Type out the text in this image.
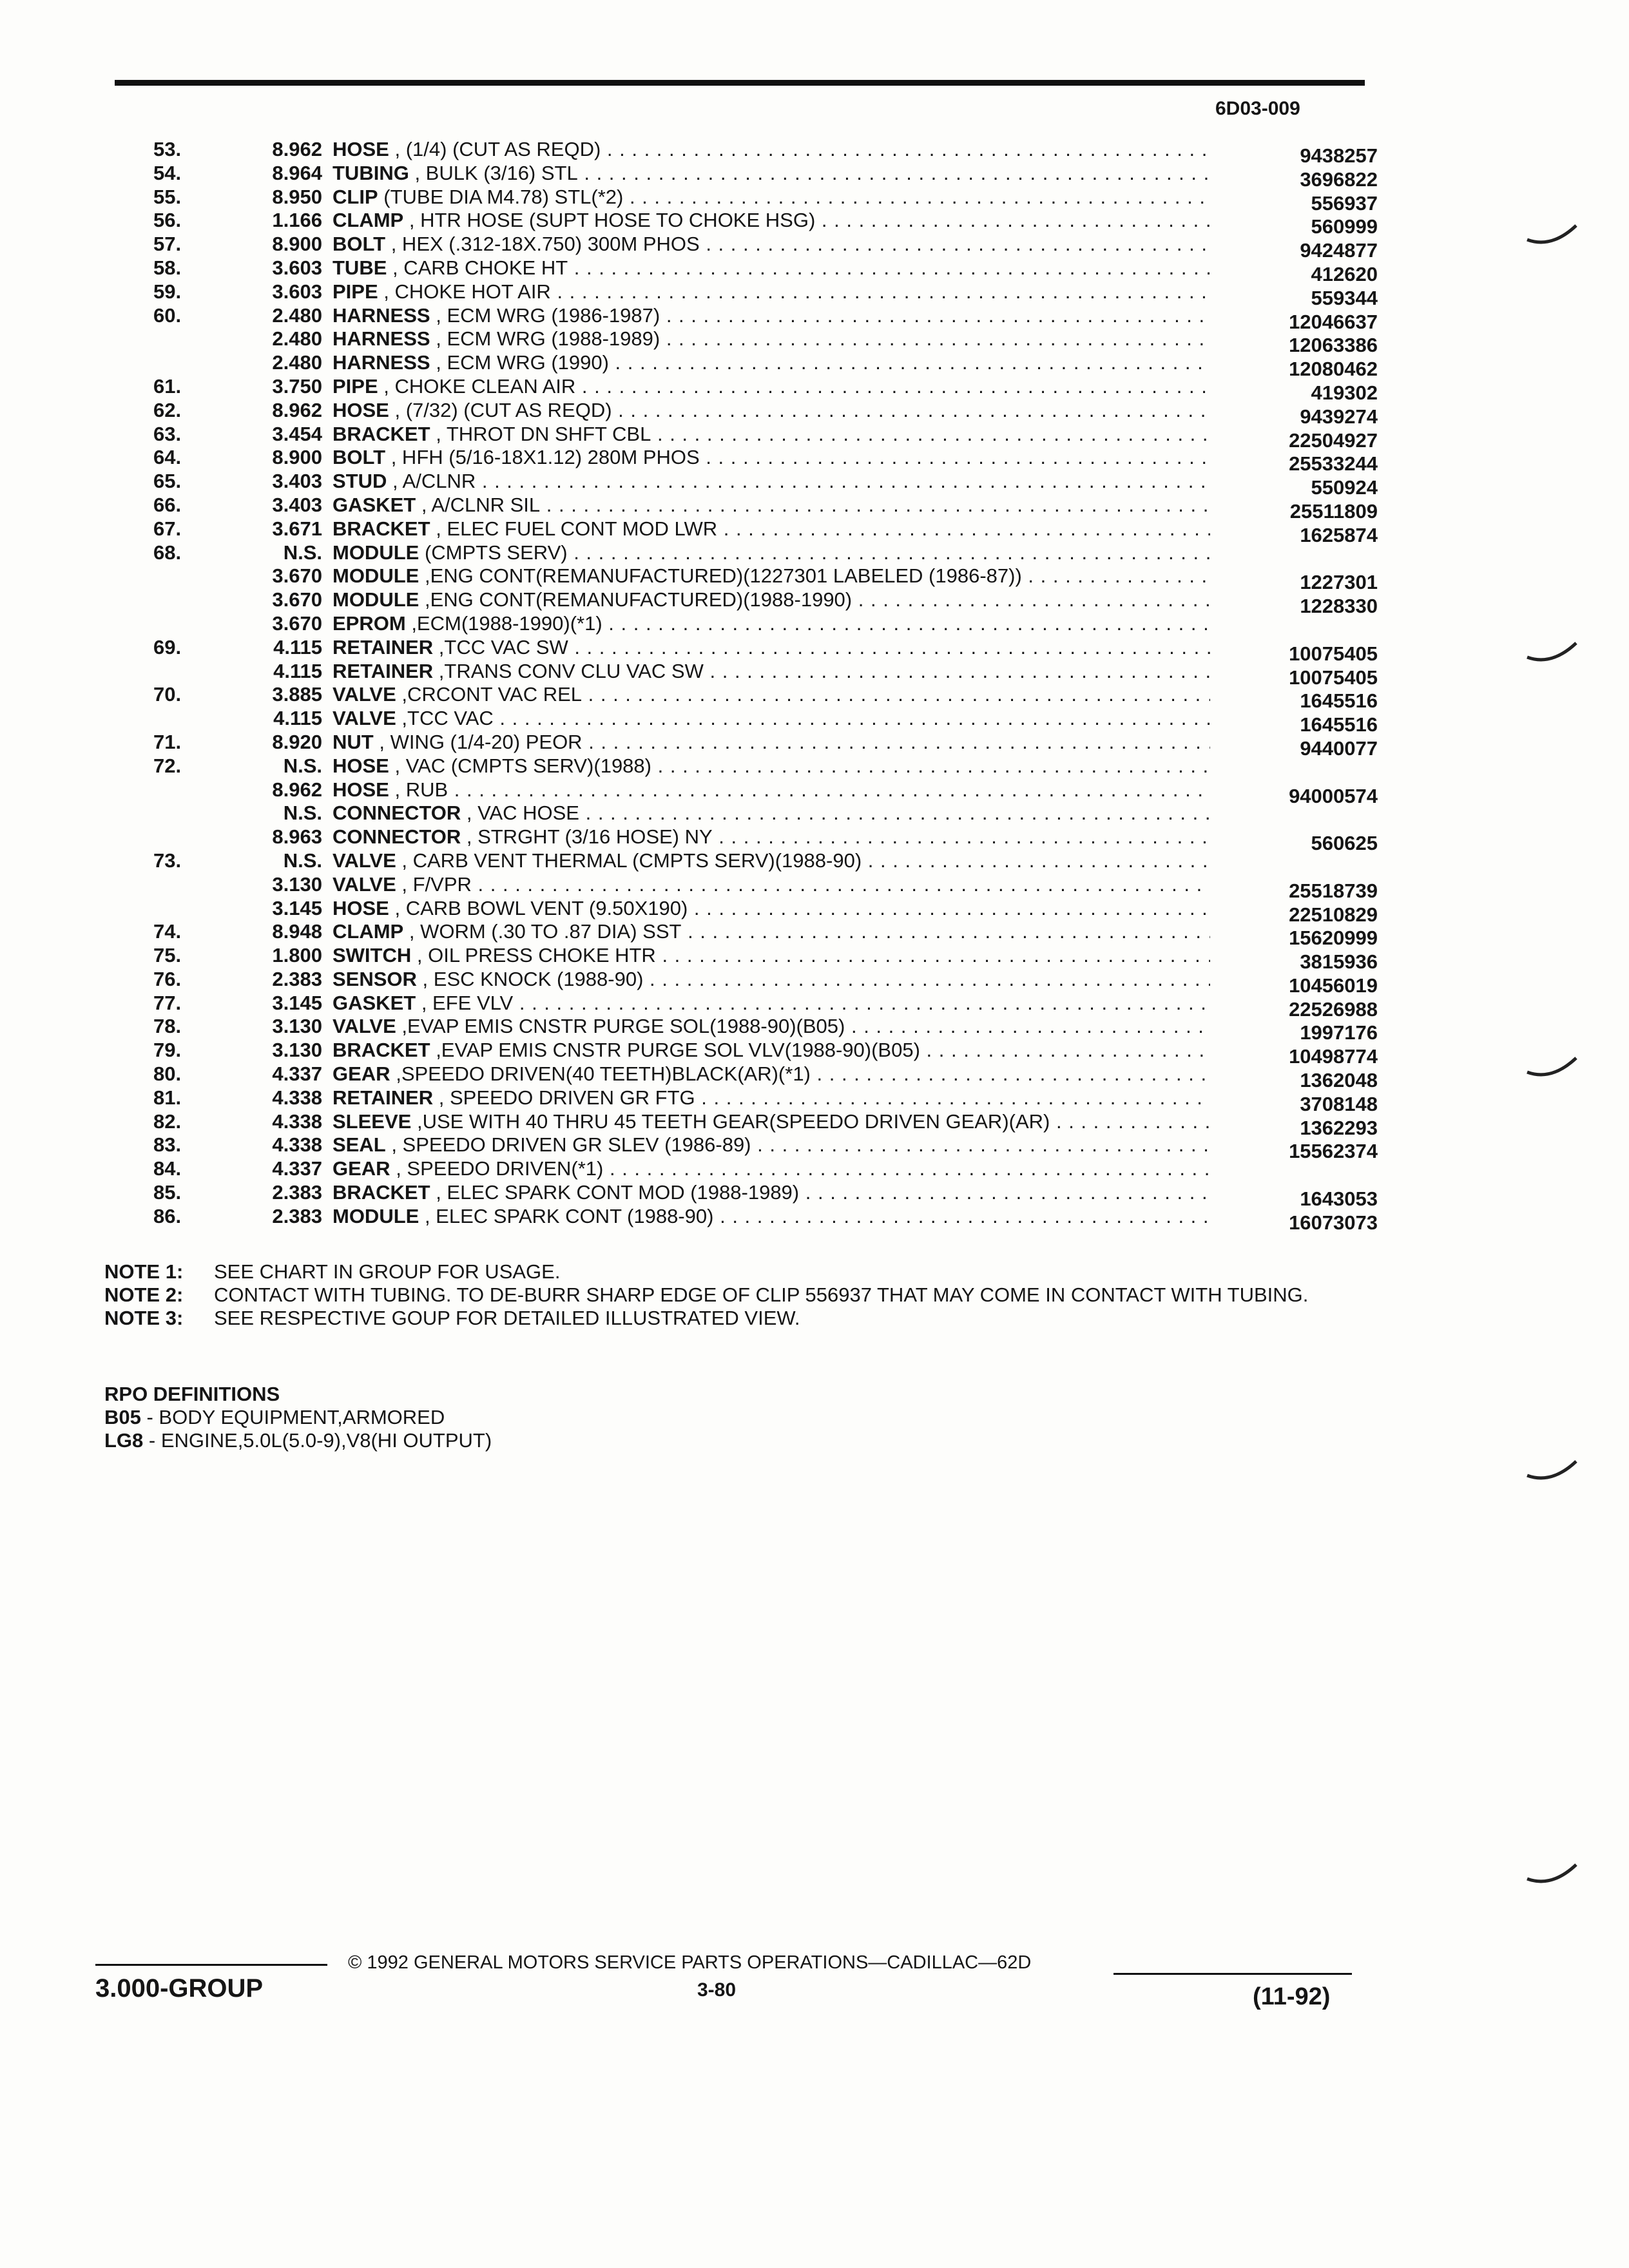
6D03-009
53.	8.962 HOSE , (1/4) (CUT AS REQD) . . .	9438257
54.	8.964 TUBING , BULK (3/16) STL . . .	3696822
55.	8.950 CLIP (TUBE DIA M4.78) STL(*2) . . .	556937
56.	1.166 CLAMP , HTR HOSE (SUPT HOSE TO CHOKE HSG) . . .	560999
57.	8.900 BOLT , HEX (.312-18X.750) 300M PHOS . . .	9424877
58.	3.603 TUBE , CARB CHOKE HT . . .	412620
59.	3.603 PIPE , CHOKE HOT AIR . . .	559344
60.	2.480 HARNESS , ECM WRG (1986-1987) . . .	12046637
2.480 HARNESS , ECM WRG (1988-1989) . . .	12063386
2.480 HARNESS , ECM WRG (1990) . . .	12080462
61.	3.750 PIPE , CHOKE CLEAN AIR . . .	419302
62.	8.962 HOSE , (7/32) (CUT AS REQD) . . .	9439274
63.	3.454 BRACKET , THROT DN SHFT CBL . . .	22504927
64.	8.900 BOLT , HFH (5/16-18X1.12) 280M PHOS . . .	25533244
65.	3.403 STUD , A/CLNR . . .	550924
66.	3.403 GASKET , A/CLNR SIL . . .	25511809
67.	3.671 BRACKET , ELEC FUEL CONT MOD LWR . . .	1625874
68.	N.S. MODULE (CMPTS SERV) . . .
3.670 MODULE ,ENG CONT(REMANUFACTURED)(1227301 LABELED (1986-87)) . . .	1227301
3.670 MODULE ,ENG CONT(REMANUFACTURED)(1988-1990) . . .	1228330
3.670 EPROM ,ECM(1988-1990)(*1) . . .
69.	4.115 RETAINER ,TCC VAC SW . . .	10075405
4.115 RETAINER ,TRANS CONV CLU VAC SW . . .	10075405
70.	3.885 VALVE ,CRCONT VAC REL . . .	1645516
4.115 VALVE ,TCC VAC . . .	1645516
71.	8.920 NUT , WING (1/4-20) PEOR . . .	9440077
72.	N.S. HOSE , VAC (CMPTS SERV)(1988) . . .
8.962 HOSE , RUB . . .	94000574
N.S. CONNECTOR , VAC HOSE . . .
8.963 CONNECTOR , STRGHT (3/16 HOSE) NY . . .	560625
73.	N.S. VALVE , CARB VENT THERMAL (CMPTS SERV)(1988-90) . . .
3.130 VALVE , F/VPR . . .	25518739
3.145 HOSE , CARB BOWL VENT (9.50X190) . . .	22510829
74.	8.948 CLAMP , WORM (.30 TO .87 DIA) SST . . .	15620999
75.	1.800 SWITCH , OIL PRESS CHOKE HTR . . .	3815936
76.	2.383 SENSOR , ESC KNOCK (1988-90) . . .	10456019
77.	3.145 GASKET , EFE VLV . . .	22526988
78.	3.130 VALVE ,EVAP EMIS CNSTR PURGE SOL(1988-90)(B05) . . .	1997176
79.	3.130 BRACKET ,EVAP EMIS CNSTR PURGE SOL VLV(1988-90)(B05) . . .	10498774
80.	4.337 GEAR ,SPEEDO DRIVEN(40 TEETH)BLACK(AR)(*1) . . .	1362048
81.	4.338 RETAINER , SPEEDO DRIVEN GR FTG . . .	3708148
82.	4.338 SLEEVE ,USE WITH 40 THRU 45 TEETH GEAR(SPEEDO DRIVEN GEAR)(AR) . . .	1362293
83.	4.338 SEAL , SPEEDO DRIVEN GR SLEV (1986-89) . . .	15562374
84.	4.337 GEAR , SPEEDO DRIVEN(*1) . . .
85.	2.383 BRACKET , ELEC SPARK CONT MOD (1988-1989) . . .	1643053
86.	2.383 MODULE , ELEC SPARK CONT (1988-90) . . .	16073073
NOTE 1: SEE CHART IN GROUP FOR USAGE.
NOTE 2: CONTACT WITH TUBING. TO DE-BURR SHARP EDGE OF CLIP 556937 THAT MAY COME IN CONTACT WITH TUBING.
NOTE 3: SEE RESPECTIVE GOUP FOR DETAILED ILLUSTRATED VIEW.
RPO DEFINITIONS
B05 - BODY EQUIPMENT,ARMORED
LG8 - ENGINE,5.0L(5.0-9),V8(HI OUTPUT)
© 1992 GENERAL MOTORS SERVICE PARTS OPERATIONS—CADILLAC—62D
3.000-GROUP	3-80	(11-92)
